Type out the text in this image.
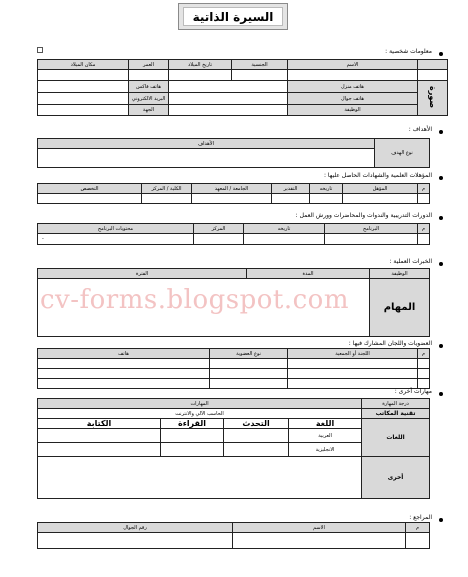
السيرة الذاتية
معلومات شخصية :
	الاسم	الجنسية	تاريخ الميلاد	العمر	مكان الميلاد

صورة	هاتف منزل			هاتف فاكس	
	هاتف جوال			البريد الالكتروني	
	الوظيفة			الجهة	
الأهداف :
نوع الهدف	الأهداف

المؤهلات العلمية والشهادات الحاصل عليها :
م	المؤهل	تاريخه	التقدير	الجامعة / المعهد	الكلية / المركز	التخصص

الدورات التدريبية والندوات والمحاضرات وورش العمل :
م	البرنامج	تاريخه	المركز	محتويات البرنامج
				-
الخبرات العملية :
الوظيفة	المدة	الفترة
المهام		
العضويات واللجان المشارك فيها :
م	اللجنة أو الجمعية	نوع العضوية	هاتف

مهارات أخرى :
درجة المهارة	المهارات			
تقنية المكاتب	الحاسب الآلي والانترنت			
اللغات	اللغة	التحدث	القراءة	الكتابة
	العربية			
	الانجليزية			
أخرى				
المراجع :
م	الاسم	رقم الجوال

cv-forms.blogspot.com
